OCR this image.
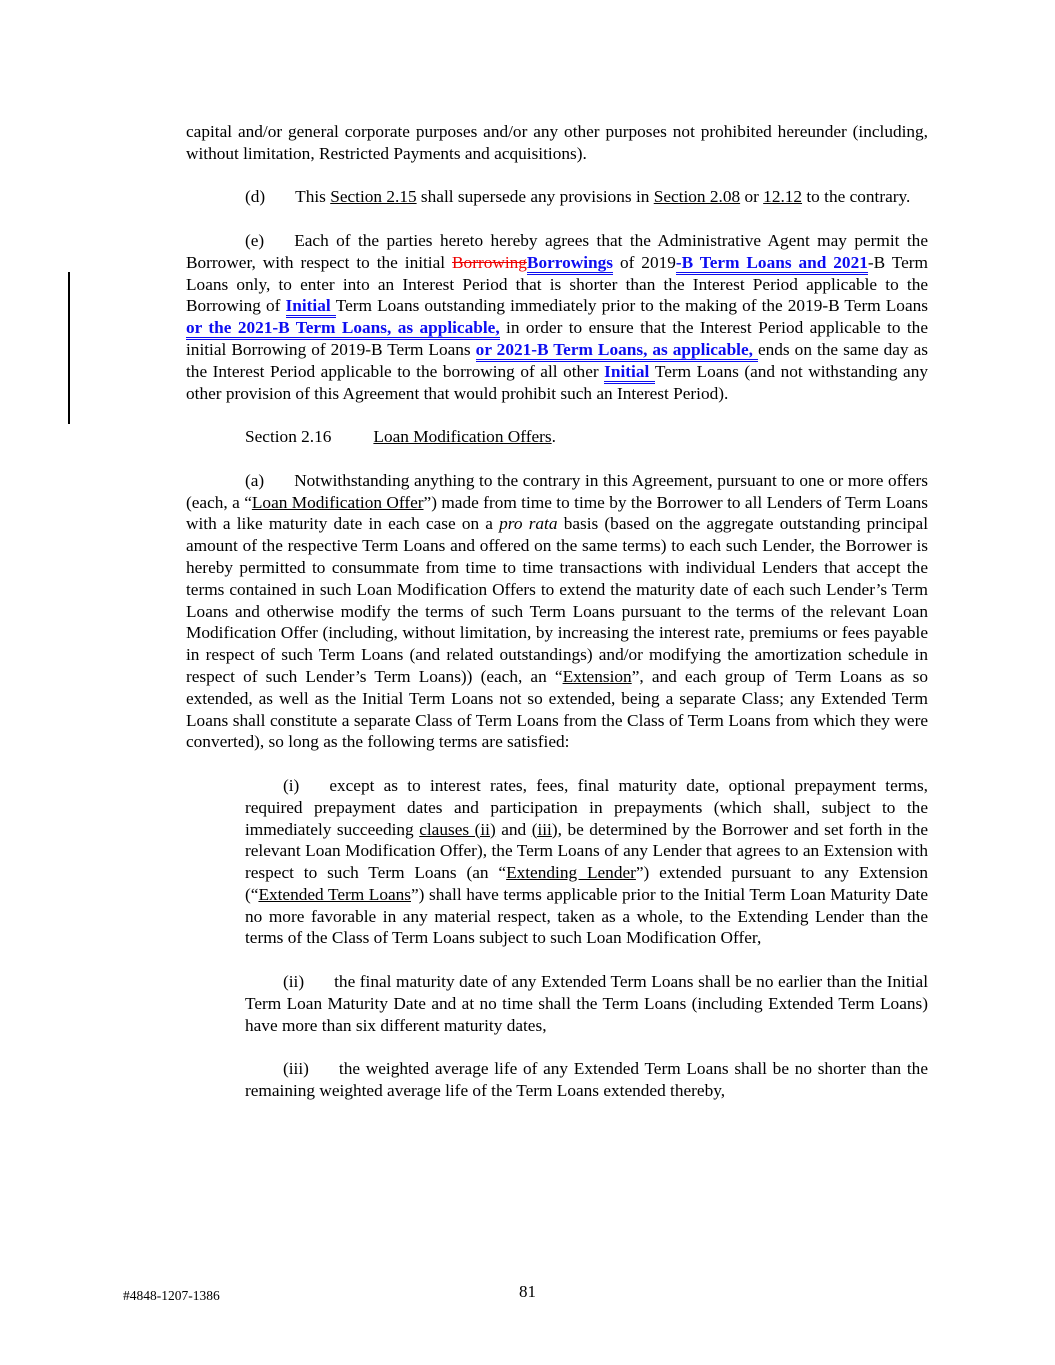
capital and/or general corporate purposes and/or any other purposes not prohibited hereunder (including, without limitation, Restricted Payments and acquisitions).

(d) This Section 2.15 shall supersede any provisions in Section 2.08 or 12.12 to the contrary.

(e) Each of the parties hereto hereby agrees that the Administrative Agent may permit the Borrower, with respect to the initial BorrowingBorrowings of 2019-B Term Loans and 2021-B Term Loans only, to enter into an Interest Period that is shorter than the Interest Period applicable to the Borrowing of Initial Term Loans outstanding immediately prior to the making of the 2019-B Term Loans or the 2021-B Term Loans, as applicable, in order to ensure that the Interest Period applicable to the initial Borrowing of 2019-B Term Loans or 2021-B Term Loans, as applicable, ends on the same day as the Interest Period applicable to the borrowing of all other Initial Term Loans (and not withstanding any other provision of this Agreement that would prohibit such an Interest Period).

Section 2.16 Loan Modification Offers.

(a) Notwithstanding anything to the contrary in this Agreement, pursuant to one or more offers (each, a “Loan Modification Offer”) made from time to time by the Borrower to all Lenders of Term Loans with a like maturity date in each case on a pro rata basis (based on the aggregate outstanding principal amount of the respective Term Loans and offered on the same terms) to each such Lender, the Borrower is hereby permitted to consummate from time to time transactions with individual Lenders that accept the terms contained in such Loan Modification Offers to extend the maturity date of each such Lender’s Term Loans and otherwise modify the terms of such Term Loans pursuant to the terms of the relevant Loan Modification Offer (including, without limitation, by increasing the interest rate, premiums or fees payable in respect of such Term Loans (and related outstandings) and/or modifying the amortization schedule in respect of such Lender’s Term Loans)) (each, an “Extension”, and each group of Term Loans as so extended, as well as the Initial Term Loans not so extended, being a separate Class; any Extended Term Loans shall constitute a separate Class of Term Loans from the Class of Term Loans from which they were converted), so long as the following terms are satisfied:

(i) except as to interest rates, fees, final maturity date, optional prepayment terms, required prepayment dates and participation in prepayments (which shall, subject to the immediately succeeding clauses (ii) and (iii), be determined by the Borrower and set forth in the relevant Loan Modification Offer), the Term Loans of any Lender that agrees to an Extension with respect to such Term Loans (an “Extending Lender”) extended pursuant to any Extension (“Extended Term Loans”) shall have terms applicable prior to the Initial Term Loan Maturity Date no more favorable in any material respect, taken as a whole, to the Extending Lender than the terms of the Class of Term Loans subject to such Loan Modification Offer,

(ii) the final maturity date of any Extended Term Loans shall be no earlier than the Initial Term Loan Maturity Date and at no time shall the Term Loans (including Extended Term Loans) have more than six different maturity dates,

(iii) the weighted average life of any Extended Term Loans shall be no shorter than the remaining weighted average life of the Term Loans extended thereby,

#4848-1207-1386	81
